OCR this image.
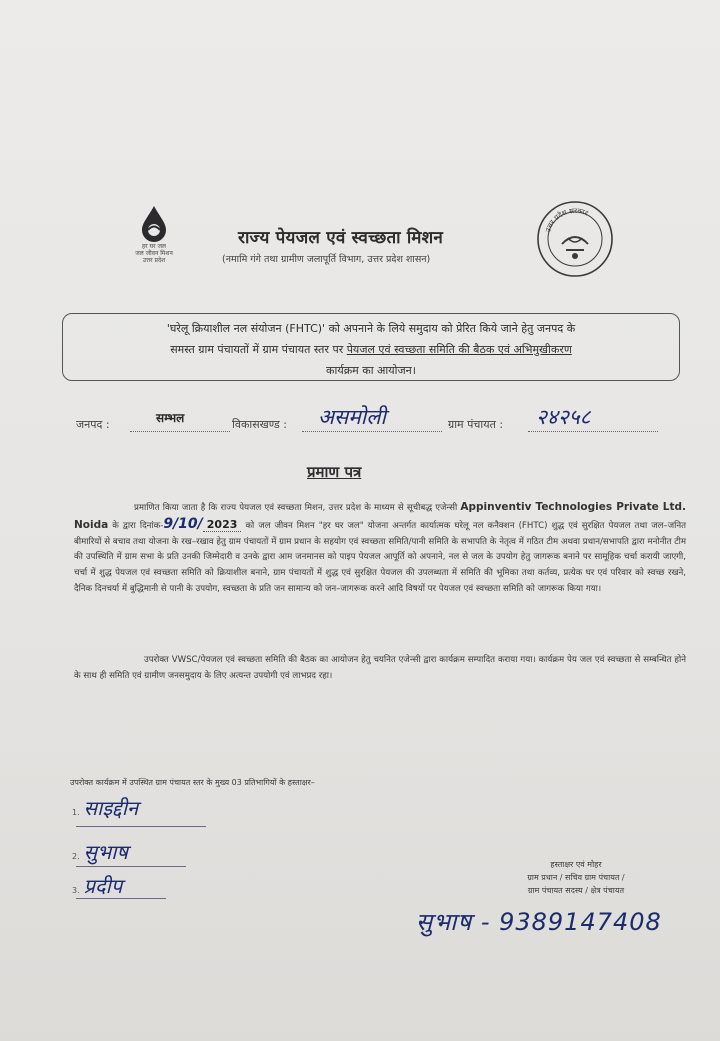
हर घर जल
जल जीवन मिशन
उत्तर प्रदेश
राज्य पेयजल एवं स्वच्छता मिशन
(नमामि गंगे तथा ग्रामीण जलापूर्ति विभाग, उत्तर प्रदेश शासन)
उत्तर प्रदेश सरकार
'घरेलू क्रियाशील नल संयोजन (FHTC)' को अपनाने के लिये समुदाय को प्रेरित किये जाने हेतु जनपद के
समस्त ग्राम पंचायतों में ग्राम पंचायत स्तर पर पेयजल एवं स्वच्छता समिति की बैठक एवं अभिमुखीकरण
कार्यक्रम का आयोजन।
जनपद :	सम्भल	विकासखण्ड : असमोली	ग्राम पंचायत : २४२५८
प्रमाण पत्र

प्रमाणित किया जाता है कि राज्य पेयजल एवं स्वच्छता मिशन, उत्तर प्रदेश के माध्यम से सूचीबद्ध एजेन्सी Appinventiv Technologies Private Ltd. Noida के द्वारा दिनांक-9/10/ 2023 को जल जीवन मिशन "हर घर जल" योजना अन्तर्गत कार्यात्मक घरेलू नल कनैक्शन (FHTC) शुद्ध एवं सुरक्षित पेयजल तथा जल–जनित बीमारियों से बचाव तथा योजना के रख–रखाव हेतु ग्राम पंचायतों में ग्राम प्रधान के सहयोग एवं स्वच्छता समिति/पानी समिति के सभापति के नेतृत्व में गठित टीम अथवा प्रधान/सभापति द्वारा मनोनीत टीम की उपस्थिति में ग्राम सभा के प्रति उनकी जिम्मेदारी व उनके द्वारा आम जनमानस को पाइप पेयजल आपूर्ति को अपनाने, नल से जल के उपयोग हेतु जागरूक बनाने पर सामूहिक चर्चा करायी जाएगी, चर्चा में शुद्ध पेयजल एवं स्वच्छता समिति को क्रियाशील बनाने, ग्राम पंचायतों में शुद्ध एवं सुरक्षित पेयजल की उपलब्धता में समिति की भूमिका तथा कर्तव्य, प्रत्येक घर एवं परिवार को स्वच्छ रखने, दैनिक दिनचर्या में बुद्धिमानी से पानी के उपयोग, स्वच्छता के प्रति जन सामान्य को जन–जागरूक करने आदि विषयों पर पेयजल एवं स्वच्छता समिति को जागरूक किया गया।

उपरोक्त VWSC/पेयजल एवं स्वच्छता समिति की बैठक का आयोजन हेतु चयनित एजेन्सी द्वारा कार्यक्रम सम्पादित कराया गया। कार्यक्रम पेय जल एवं स्वच्छता से सम्बन्धित होने के साथ ही समिति एवं ग्रामीण जनसमुदाय के लिए अत्यन्त उपयोगी एवं लाभप्रद रहा।

उपरोक्त कार्यक्रम में उपस्थित ग्राम पंचायत स्तर के मुख्य 03 प्रतिभागियों के हस्ताक्षर–
1. साइद्दीन
2. सुभाष
3. प्रदीप
हस्ताक्षर एवं मोहर
ग्राम प्रधान / सचिव ग्राम पंचायत /
ग्राम पंचायत सदस्य / क्षेत्र पंचायत
सुभाष - 9389147408
